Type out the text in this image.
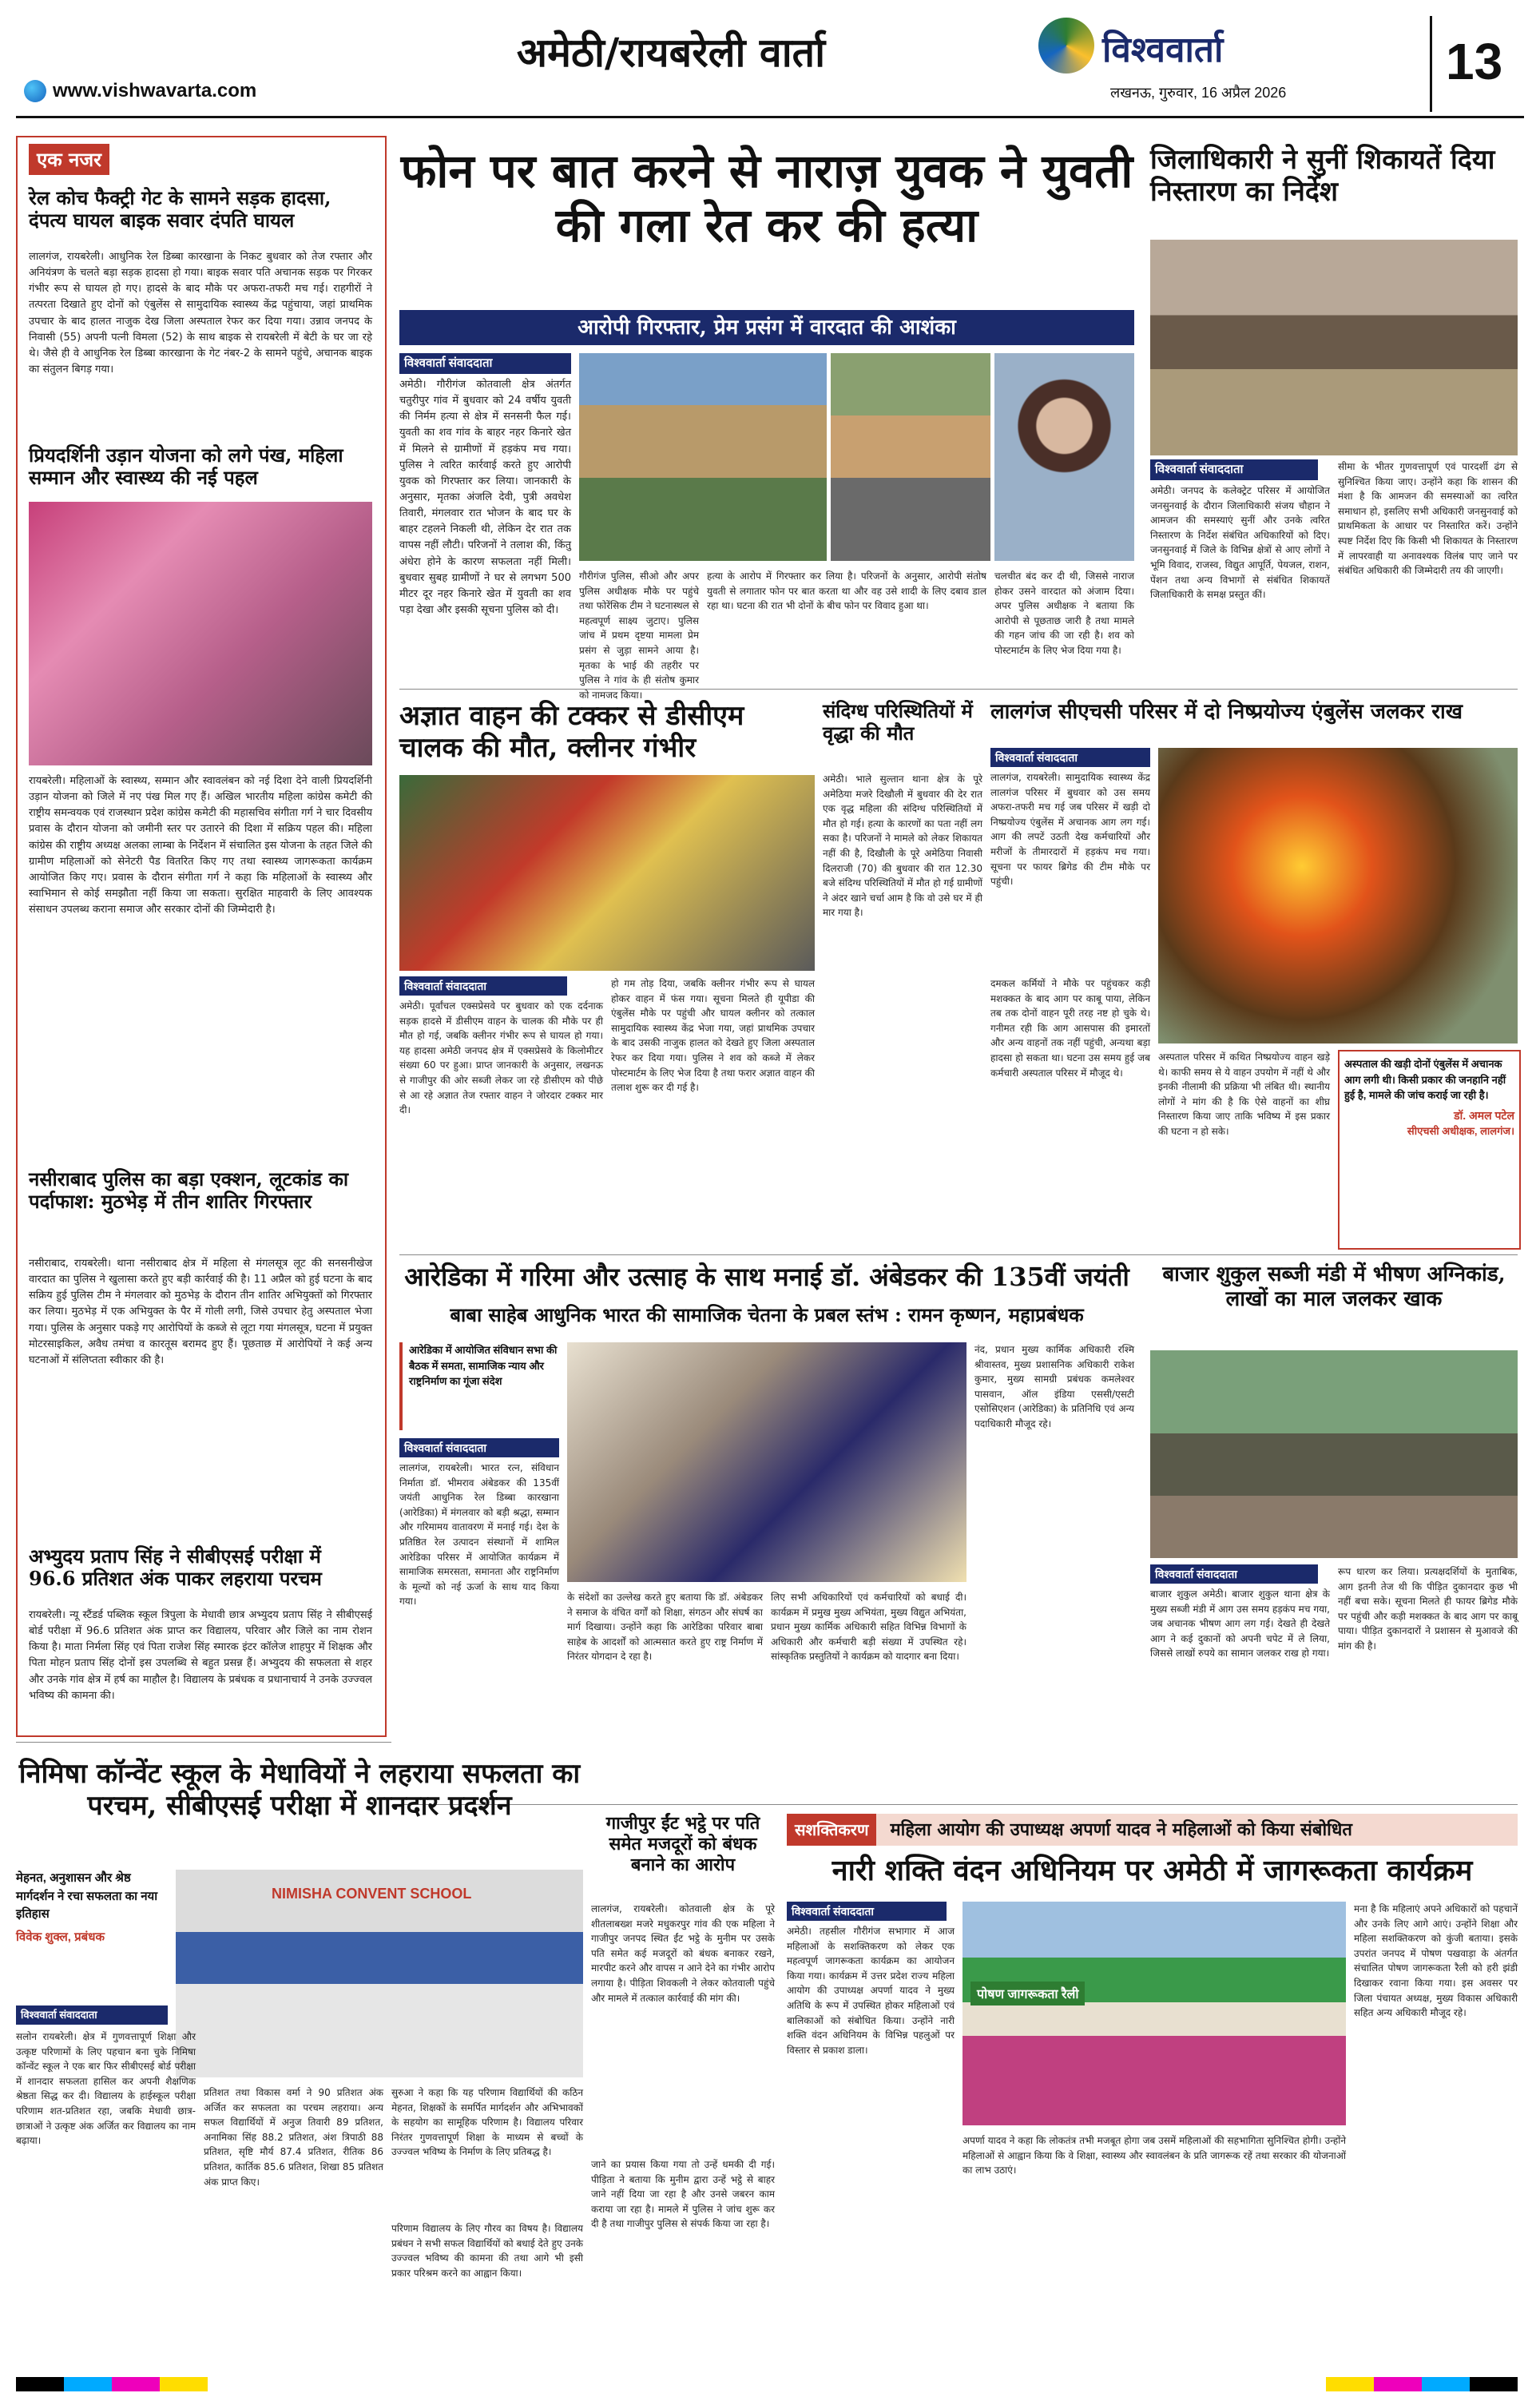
www.vishwavarta.com
अमेठी/रायबरेली वार्ता	विश्ववार्ता
लखनऊ, गुरुवार, 16 अप्रैल 2026
13
एक नजर
रेल कोच फैक्ट्री गेट के सामने सड़क हादसा, दंपत्य घायल बाइक सवार दंपति घायल
लालगंज, रायबरेली। आधुनिक रेल डिब्बा कारखाना के निकट बुधवार को तेज रफ्तार और अनियंत्रण के चलते बड़ा सड़क हादसा हो गया। बाइक सवार पति अचानक सड़क पर गिरकर गंभीर रूप से घायल हो गए। हादसे के बाद मौके पर अफरा-तफरी मच गई। राहगीरों ने तत्परता दिखाते हुए दोनों को एंबुलेंस से सामुदायिक स्वास्थ्य केंद्र पहुंचाया, जहां प्राथमिक उपचार के बाद हालत नाजुक देख जिला अस्पताल रेफर कर दिया गया। उन्नाव जनपद के निवासी (55) अपनी पत्नी विमला (52) के साथ बाइक से रायबरेली में बेटी के घर जा रहे थे। जैसे ही वे आधुनिक रेल डिब्बा कारखाना के गेट नंबर-2 के सामने पहुंचे, अचानक बाइक का संतुलन बिगड़ गया।
प्रियदर्शिनी उड़ान योजना को लगे पंख, महिला सम्मान और स्वास्थ्य की नई पहल
रायबरेली। महिलाओं के स्वास्थ्य, सम्मान और स्वावलंबन को नई दिशा देने वाली प्रियदर्शिनी उड़ान योजना को जिले में नए पंख मिल गए हैं। अखिल भारतीय महिला कांग्रेस कमेटी की राष्ट्रीय समन्वयक एवं राजस्थान प्रदेश कांग्रेस कमेटी की महासचिव संगीता गर्ग ने चार दिवसीय प्रवास के दौरान योजना को जमीनी स्तर पर उतारने की दिशा में सक्रिय पहल की। महिला कांग्रेस की राष्ट्रीय अध्यक्ष अलका लाम्बा के निर्देशन में संचालित इस योजना के तहत जिले की ग्रामीण महिलाओं को सेनेटरी पैड वितरित किए गए तथा स्वास्थ्य जागरूकता कार्यक्रम आयोजित किए गए। प्रवास के दौरान संगीता गर्ग ने कहा कि महिलाओं के स्वास्थ्य और स्वाभिमान से कोई समझौता नहीं किया जा सकता। सुरक्षित माहवारी के लिए आवश्यक संसाधन उपलब्ध कराना समाज और सरकार दोनों की जिम्मेदारी है।
नसीराबाद पुलिस का बड़ा एक्शन, लूटकांड का पर्दाफाश: मुठभेड़ में तीन शातिर गिरफ्तार
नसीराबाद, रायबरेली। थाना नसीराबाद क्षेत्र में महिला से मंगलसूत्र लूट की सनसनीखेज वारदात का पुलिस ने खुलासा करते हुए बड़ी कार्रवाई की है। 11 अप्रैल को हुई घटना के बाद सक्रिय हुई पुलिस टीम ने मंगलवार को मुठभेड़ के दौरान तीन शातिर अभियुक्तों को गिरफ्तार कर लिया। मुठभेड़ में एक अभियुक्त के पैर में गोली लगी, जिसे उपचार हेतु अस्पताल भेजा गया। पुलिस के अनुसार पकड़े गए आरोपियों के कब्जे से लूटा गया मंगलसूत्र, घटना में प्रयुक्त मोटरसाइकिल, अवैध तमंचा व कारतूस बरामद हुए हैं। पूछताछ में आरोपियों ने कई अन्य घटनाओं में संलिप्तता स्वीकार की है।
अभ्युदय प्रताप सिंह ने सीबीएसई परीक्षा में 96.6 प्रतिशत अंक पाकर लहराया परचम
रायबरेली। न्यू स्टैंडर्ड पब्लिक स्कूल त्रिपुला के मेधावी छात्र अभ्युदय प्रताप सिंह ने सीबीएसई बोर्ड परीक्षा में 96.6 प्रतिशत अंक प्राप्त कर विद्यालय, परिवार और जिले का नाम रोशन किया है। माता निर्मला सिंह एवं पिता राजेश सिंह स्मारक इंटर कॉलेज शाहपुर में शिक्षक और पिता मोहन प्रताप सिंह दोनों इस उपलब्धि से बहुत प्रसन्न हैं। अभ्युदय की सफलता से शहर और उनके गांव क्षेत्र में हर्ष का माहौल है। विद्यालय के प्रबंधक व प्रधानाचार्य ने उनके उज्ज्वल भविष्य की कामना की।
फोन पर बात करने से नाराज़ युवक ने युवती की गला रेत कर की हत्या
आरोपी गिरफ्तार, प्रेम प्रसंग में वारदात की आशंका
विश्ववार्ता संवाददाता
अमेठी। गौरीगंज कोतवाली क्षेत्र अंतर्गत चतुरीपुर गांव में बुधवार को 24 वर्षीय युवती की निर्मम हत्या से क्षेत्र में सनसनी फैल गई। युवती का शव गांव के बाहर नहर किनारे खेत में मिलने से ग्रामीणों में हड़कंप मच गया। पुलिस ने त्वरित कार्रवाई करते हुए आरोपी युवक को गिरफ्तार कर लिया। जानकारी के अनुसार, मृतका अंजलि देवी, पुत्री अवधेश तिवारी, मंगलवार रात भोजन के बाद घर के बाहर टहलने निकली थी, लेकिन देर रात तक वापस नहीं लौटी। परिजनों ने तलाश की, किंतु अंधेरा होने के कारण सफलता नहीं मिली। बुधवार सुबह ग्रामीणों ने घर से लगभग 500 मीटर दूर नहर किनारे खेत में युवती का शव पड़ा देखा और इसकी सूचना पुलिस को दी।
गौरीगंज पुलिस, सीओ और अपर पुलिस अधीक्षक मौके पर पहुंचे तथा फोरेंसिक टीम ने घटनास्थल से महत्वपूर्ण साक्ष्य जुटाए। पुलिस जांच में प्रथम दृष्टया मामला प्रेम प्रसंग से जुड़ा सामने आया है। मृतका के भाई की तहरीर पर पुलिस ने गांव के ही संतोष कुमार को नामजद किया।
हत्या के आरोप में गिरफ्तार कर लिया है। परिजनों के अनुसार, आरोपी संतोष युवती से लगातार फोन पर बात करता था और वह उसे शादी के लिए दबाव डाल रहा था। घटना की रात भी दोनों के बीच फोन पर विवाद हुआ था।
चलचीत बंद कर दी थी, जिससे नाराज होकर उसने वारदात को अंजाम दिया। अपर पुलिस अधीक्षक ने बताया कि आरोपी से पूछताछ जारी है तथा मामले की गहन जांच की जा रही है। शव को पोस्टमार्टम के लिए भेज दिया गया है।
जिलाधिकारी ने सुनीं शिकायतें दिया निस्तारण का निर्देश
विश्ववार्ता संवाददाता
अमेठी। जनपद के कलेक्ट्रेट परिसर में आयोजित जनसुनवाई के दौरान जिलाधिकारी संजय चौहान ने आमजन की समस्याएं सुनीं और उनके त्वरित निस्तारण के निर्देश संबंधित अधिकारियों को दिए। जनसुनवाई में जिले के विभिन्न क्षेत्रों से आए लोगों ने भूमि विवाद, राजस्व, विद्युत आपूर्ति, पेयजल, राशन, पेंशन तथा अन्य विभागों से संबंधित शिकायतें जिलाधिकारी के समक्ष प्रस्तुत कीं।
सीमा के भीतर गुणवत्तापूर्ण एवं पारदर्शी ढंग से सुनिश्चित किया जाए। उन्होंने कहा कि शासन की मंशा है कि आमजन की समस्याओं का त्वरित समाधान हो, इसलिए सभी अधिकारी जनसुनवाई को प्राथमिकता के आधार पर निस्तारित करें। उन्होंने स्पष्ट निर्देश दिए कि किसी भी शिकायत के निस्तारण में लापरवाही या अनावश्यक विलंब पाए जाने पर संबंधित अधिकारी की जिम्मेदारी तय की जाएगी।
अज्ञात वाहन की टक्कर से डीसीएम चालक की मौत, क्लीनर गंभीर
विश्ववार्ता संवाददाता
अमेठी। पूर्वांचल एक्सप्रेसवे पर बुधवार को एक दर्दनाक सड़क हादसे में डीसीएम वाहन के चालक की मौके पर ही मौत हो गई, जबकि क्लीनर गंभीर रूप से घायल हो गया। यह हादसा अमेठी जनपद क्षेत्र में एक्सप्रेसवे के किलोमीटर संख्या 60 पर हुआ। प्राप्त जानकारी के अनुसार, लखनऊ से गाजीपुर की ओर सब्जी लेकर जा रहे डीसीएम को पीछे से आ रहे अज्ञात तेज रफ्तार वाहन ने जोरदार टक्कर मार दी।
हो गम तोड़ दिया, जबकि क्लीनर गंभीर रूप से घायल होकर वाहन में फंस गया। सूचना मिलते ही यूपीडा की एंबुलेंस मौके पर पहुंची और घायल क्लीनर को तत्काल सामुदायिक स्वास्थ्य केंद्र भेजा गया, जहां प्राथमिक उपचार के बाद उसकी नाजुक हालत को देखते हुए जिला अस्पताल रेफर कर दिया गया। पुलिस ने शव को कब्जे में लेकर पोस्टमार्टम के लिए भेज दिया है तथा फरार अज्ञात वाहन की तलाश शुरू कर दी गई है।
संदिग्ध परिस्थितियों में वृद्धा की मौत
अमेठी। भाले सुल्तान थाना क्षेत्र के पूरे अमेठिया मजरे दिखौली में बुधवार की देर रात एक वृद्ध महिला की संदिग्ध परिस्थितियों में मौत हो गई। हत्या के कारणों का पता नहीं लग सका है। परिजनों ने मामले को लेकर शिकायत नहीं की है, दिखौली के पूरे अमेठिया निवासी दिलराजी (70) की बुधवार की रात 12.30 बजे संदिग्ध परिस्थितियों में मौत हो गई ग्रामीणों ने अंदर खाने चर्चा आम है कि वो उसे घर में ही मार गया है।
लालगंज सीएचसी परिसर में दो निष्प्रयोज्य एंबुलेंस जलकर राख
विश्ववार्ता संवाददाता
लालगंज, रायबरेली। सामुदायिक स्वास्थ्य केंद्र लालगंज परिसर में बुधवार को उस समय अफरा-तफरी मच गई जब परिसर में खड़ी दो निष्प्रयोज्य एंबुलेंस में अचानक आग लग गई। आग की लपटें उठती देख कर्मचारियों और मरीजों के तीमारदारों में हड़कंप मच गया। सूचना पर फायर ब्रिगेड की टीम मौके पर पहुंची।
दमकल कर्मियों ने मौके पर पहुंचकर कड़ी मशक्कत के बाद आग पर काबू पाया, लेकिन तब तक दोनों वाहन पूरी तरह नष्ट हो चुके थे। गनीमत रही कि आग आसपास की इमारतों और अन्य वाहनों तक नहीं पहुंची, अन्यथा बड़ा हादसा हो सकता था। घटना उस समय हुई जब कर्मचारी अस्पताल परिसर में मौजूद थे।
अस्पताल परिसर में कथित निष्प्रयोज्य वाहन खड़े थे। काफी समय से ये वाहन उपयोग में नहीं थे और इनकी नीलामी की प्रक्रिया भी लंबित थी। स्थानीय लोगों ने मांग की है कि ऐसे वाहनों का शीघ्र निस्तारण किया जाए ताकि भविष्य में इस प्रकार की घटना न हो सके।
अस्पताल की खड़ी दोनों एंबुलेंस में अचानक आग लगी थी। किसी प्रकार की जनहानि नहीं हुई है, मामले की जांच कराई जा रही है।
डॉ. अमल पटेल
सीएचसी अधीक्षक, लालगंज।
आरेडिका में गरिमा और उत्साह के साथ मनाई डॉ. अंबेडकर की 135वीं जयंती
बाबा साहेब आधुनिक भारत की सामाजिक चेतना के प्रबल स्तंभ : रामन कृष्णन, महाप्रबंधक
आरेडिका में आयोजित संविधान सभा की बैठक में समता, सामाजिक न्याय और राष्ट्रनिर्माण का गूंजा संदेश
विश्ववार्ता संवाददाता
लालगंज, रायबरेली। भारत रत्न, संविधान निर्माता डॉ. भीमराव अंबेडकर की 135वीं जयंती आधुनिक रेल डिब्बा कारखाना (आरेडिका) में मंगलवार को बड़ी श्रद्धा, सम्मान और गरिमामय वातावरण में मनाई गई। देश के प्रतिष्ठित रेल उत्पादन संस्थानों में शामिल आरेडिका परिसर में आयोजित कार्यक्रम में सामाजिक समरसता, समानता और राष्ट्रनिर्माण के मूल्यों को नई ऊर्जा के साथ याद किया गया।	के संदेशों का उल्लेख करते हुए बताया कि डॉ. अंबेडकर ने समाज के वंचित वर्गों को शिक्षा, संगठन और संघर्ष का मार्ग दिखाया। उन्होंने कहा कि आरेडिका परिवार बाबा साहेब के आदर्शों को आत्मसात करते हुए राष्ट्र निर्माण में निरंतर योगदान दे रहा है।
लिए सभी अधिकारियों एवं कर्मचारियों को बधाई दी। कार्यक्रम में प्रमुख मुख्य अभियंता, मुख्य विद्युत अभियंता, प्रधान मुख्य कार्मिक अधिकारी सहित विभिन्न विभागों के अधिकारी और कर्मचारी बड़ी संख्या में उपस्थित रहे। सांस्कृतिक प्रस्तुतियों ने कार्यक्रम को यादगार बना दिया।
नंद, प्रधान मुख्य कार्मिक अधिकारी रश्मि श्रीवास्तव, मुख्य प्रशासनिक अधिकारी राकेश कुमार, मुख्य सामग्री प्रबंधक कमलेश्वर पासवान, ऑल इंडिया एससी/एसटी एसोसिएशन (आरेडिका) के प्रतिनिधि एवं अन्य पदाधिकारी मौजूद रहे।
बाजार शुकुल सब्जी मंडी में भीषण अग्निकांड, लाखों का माल जलकर खाक
विश्ववार्ता संवाददाता
बाजार शुकुल अमेठी। बाजार शुकुल थाना क्षेत्र के मुख्य सब्जी मंडी में आग उस समय हड़कंप मच गया, जब अचानक भीषण आग लग गई। देखते ही देखते आग ने कई दुकानों को अपनी चपेट में ले लिया, जिससे लाखों रुपये का सामान जलकर राख हो गया।
रूप धारण कर लिया। प्रत्यक्षदर्शियों के मुताबिक, आग इतनी तेज थी कि पीड़ित दुकानदार कुछ भी नहीं बचा सके। सूचना मिलते ही फायर ब्रिगेड मौके पर पहुंची और कड़ी मशक्कत के बाद आग पर काबू पाया। पीड़ित दुकानदारों ने प्रशासन से मुआवजे की मांग की है।
निमिषा कॉन्वेंट स्कूल के मेधावियों ने लहराया सफलता का परचम, सीबीएसई परीक्षा में शानदार प्रदर्शन
मेहनत, अनुशासन और श्रेष्ठ मार्गदर्शन ने रचा सफलता का नया इतिहास
विवेक शुक्ल, प्रबंधक
NIMISHA CONVENT SCHOOL
विश्ववार्ता संवाददाता
सलोन रायबरेली। क्षेत्र में गुणवत्तापूर्ण शिक्षा और उत्कृष्ट परिणामों के लिए पहचान बना चुके निमिषा कॉन्वेंट स्कूल ने एक बार फिर सीबीएसई बोर्ड परीक्षा में शानदार सफलता हासिल कर अपनी शैक्षणिक श्रेष्ठता सिद्ध कर दी। विद्यालय के हाईस्कूल परीक्षा परिणाम शत-प्रतिशत रहा, जबकि मेधावी छात्र-छात्राओं ने उत्कृष्ट अंक अर्जित कर विद्यालय का नाम बढ़ाया।
प्रतिशत तथा विकास वर्मा ने 90 प्रतिशत अंक अर्जित कर सफलता का परचम लहराया। अन्य सफल विद्यार्थियों में अनुज तिवारी 89 प्रतिशत, अनामिका सिंह 88.2 प्रतिशत, अंश त्रिपाठी 88 प्रतिशत, सृष्टि मौर्य 87.4 प्रतिशत, रीतिक 86 प्रतिशत, कार्तिक 85.6 प्रतिशत, शिखा 85 प्रतिशत अंक प्राप्त किए।
सुरुआ ने कहा कि यह परिणाम विद्यार्थियों की कठिन मेहनत, शिक्षकों के समर्पित मार्गदर्शन और अभिभावकों के सहयोग का सामूहिक परिणाम है। विद्यालय परिवार निरंतर गुणवत्तापूर्ण शिक्षा के माध्यम से बच्चों के उज्ज्वल भविष्य के निर्माण के लिए प्रतिबद्ध है।
परिणाम विद्यालय के लिए गौरव का विषय है। विद्यालय प्रबंधन ने सभी सफल विद्यार्थियों को बधाई देते हुए उनके उज्ज्वल भविष्य की कामना की तथा आगे भी इसी प्रकार परिश्रम करने का आह्वान किया।
गाजीपुर ईंट भट्ठे पर पति समेत मजदूरों को बंधक बनाने का आरोप
लालगंज, रायबरेली। कोतवाली क्षेत्र के पूरे शीतलाबख्श मजरे मधुकरपुर गांव की एक महिला ने गाजीपुर जनपद स्थित ईंट भट्ठे के मुनीम पर उसके पति समेत कई मजदूरों को बंधक बनाकर रखने, मारपीट करने और वापस न आने देने का गंभीर आरोप लगाया है। पीड़िता शिवकली ने लेकर कोतवाली पहुंचे और मामले में तत्काल कार्रवाई की मांग की।
जाने का प्रयास किया गया तो उन्हें धमकी दी गई। पीड़िता ने बताया कि मुनीम द्वारा उन्हें भट्ठे से बाहर जाने नहीं दिया जा रहा है और उनसे जबरन काम कराया जा रहा है। मामले में पुलिस ने जांच शुरू कर दी है तथा गाजीपुर पुलिस से संपर्क किया जा रहा है।
सशक्तिकरण महिला आयोग की उपाध्यक्ष अपर्णा यादव ने महिलाओं को किया संबोधित
नारी शक्ति वंदन अधिनियम पर अमेठी में जागरूकता कार्यक्रम
विश्ववार्ता संवाददाता
अमेठी। तहसील गौरीगंज सभागार में आज महिलाओं के सशक्तिकरण को लेकर एक महत्वपूर्ण जागरूकता कार्यक्रम का आयोजन किया गया। कार्यक्रम में उत्तर प्रदेश राज्य महिला आयोग की उपाध्यक्ष अपर्णा यादव ने मुख्य अतिथि के रूप में उपस्थित होकर महिलाओं एवं बालिकाओं को संबोधित किया। उन्होंने नारी शक्ति वंदन अधिनियम के विभिन्न पहलुओं पर विस्तार से प्रकाश डाला।
पोषण जागरूकता रैली
अपर्णा यादव ने कहा कि लोकतंत्र तभी मजबूत होगा जब उसमें महिलाओं की सहभागिता सुनिश्चित होगी। उन्होंने महिलाओं से आह्वान किया कि वे शिक्षा, स्वास्थ्य और स्वावलंबन के प्रति जागरूक रहें तथा सरकार की योजनाओं का लाभ उठाएं।
मना है कि महिलाएं अपने अधिकारों को पहचानें और उनके लिए आगे आएं। उन्होंने शिक्षा और महिला सशक्तिकरण को कुंजी बताया। इसके उपरांत जनपद में पोषण पखवाड़ा के अंतर्गत संचालित पोषण जागरूकता रैली को हरी झंडी दिखाकर रवाना किया गया। इस अवसर पर जिला पंचायत अध्यक्ष, मुख्य विकास अधिकारी सहित अन्य अधिकारी मौजूद रहे।
